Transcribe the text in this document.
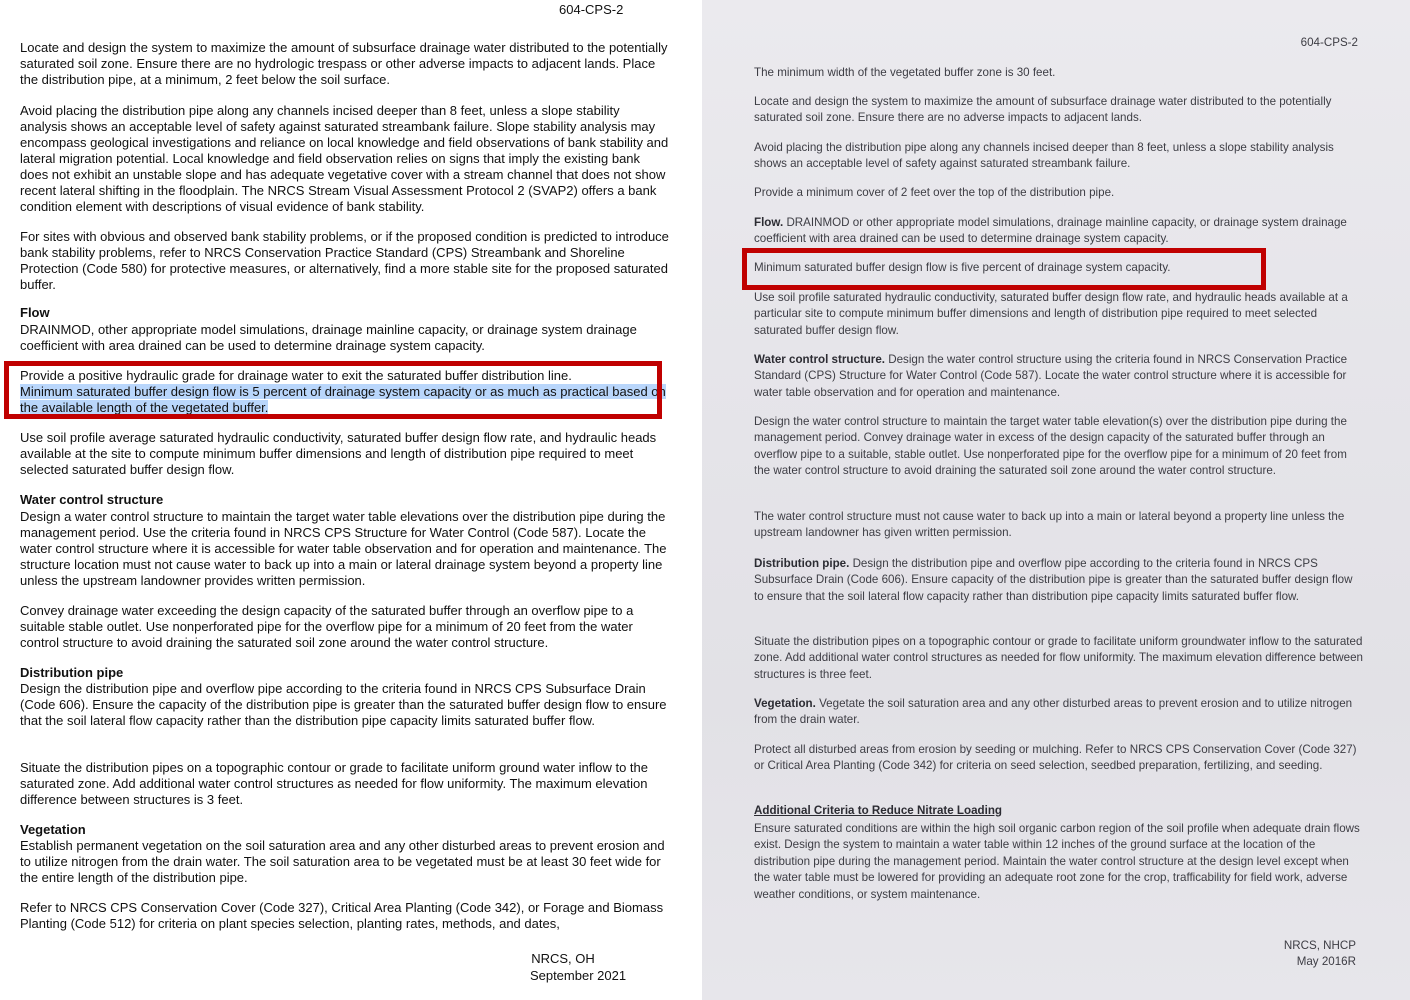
604-CPS-2

Locate and design the system to maximize the amount of subsurface drainage water distributed to the potentially saturated soil zone. Ensure there are no hydrologic trespass or other adverse impacts to adjacent lands. Place the distribution pipe, at a minimum, 2 feet below the soil surface.

Avoid placing the distribution pipe along any channels incised deeper than 8 feet, unless a slope stability analysis shows an acceptable level of safety against saturated streambank failure. Slope stability analysis may encompass geological investigations and reliance on local knowledge and field observations of bank stability and lateral migration potential. Local knowledge and field observation relies on signs that imply the existing bank does not exhibit an unstable slope and has adequate vegetative cover with a stream channel that does not show recent lateral shifting in the floodplain. The NRCS Stream Visual Assessment Protocol 2 (SVAP2) offers a bank condition element with descriptions of visual evidence of bank stability.

For sites with obvious and observed bank stability problems, or if the proposed condition is predicted to introduce bank stability problems, refer to NRCS Conservation Practice Standard (CPS) Streambank and Shoreline Protection (Code 580) for protective measures, or alternatively, find a more stable site for the proposed saturated buffer.

Flow

DRAINMOD, other appropriate model simulations, drainage mainline capacity, or drainage system drainage coefficient with area drained can be used to determine drainage system capacity.

Provide a positive hydraulic grade for drainage water to exit the saturated buffer distribution line.
Minimum saturated buffer design flow is 5 percent of drainage system capacity or as much as practical based on the available length of the vegetated buffer.

Use soil profile average saturated hydraulic conductivity, saturated buffer design flow rate, and hydraulic heads available at the site to compute minimum buffer dimensions and length of distribution pipe required to meet selected saturated buffer design flow.

Water control structure

Design a water control structure to maintain the target water table elevations over the distribution pipe during the management period. Use the criteria found in NRCS CPS Structure for Water Control (Code 587). Locate the water control structure where it is accessible for water table observation and for operation and maintenance. The structure location must not cause water to back up into a main or lateral drainage system beyond a property line unless the upstream landowner provides written permission.

Convey drainage water exceeding the design capacity of the saturated buffer through an overflow pipe to a suitable stable outlet. Use nonperforated pipe for the overflow pipe for a minimum of 20 feet from the water control structure to avoid draining the saturated soil zone around the water control structure.

Distribution pipe

Design the distribution pipe and overflow pipe according to the criteria found in NRCS CPS Subsurface Drain (Code 606). Ensure the capacity of the distribution pipe is greater than the saturated buffer design flow to ensure that the soil lateral flow capacity rather than the distribution pipe capacity limits saturated buffer flow.

Situate the distribution pipes on a topographic contour or grade to facilitate uniform ground water inflow to the saturated zone. Add additional water control structures as needed for flow uniformity. The maximum elevation difference between structures is 3 feet.

Vegetation

Establish permanent vegetation on the soil saturation area and any other disturbed areas to prevent erosion and to utilize nitrogen from the drain water. The soil saturation area to be vegetated must be at least 30 feet wide for the entire length of the distribution pipe.

Refer to NRCS CPS Conservation Cover (Code 327), Critical Area Planting (Code 342), or Forage and Biomass Planting (Code 512) for criteria on plant species selection, planting rates, methods, and dates,

NRCS, OH
September 2021
604-CPS-2

The minimum width of the vegetated buffer zone is 30 feet.

Locate and design the system to maximize the amount of subsurface drainage water distributed to the potentially saturated soil zone. Ensure there are no adverse impacts to adjacent lands.

Avoid placing the distribution pipe along any channels incised deeper than 8 feet, unless a slope stability analysis shows an acceptable level of safety against saturated streambank failure.

Provide a minimum cover of 2 feet over the top of the distribution pipe.

Flow. DRAINMOD or other appropriate model simulations, drainage mainline capacity, or drainage system drainage coefficient with area drained can be used to determine drainage system capacity.

Minimum saturated buffer design flow is five percent of drainage system capacity.

Use soil profile saturated hydraulic conductivity, saturated buffer design flow rate, and hydraulic heads available at a particular site to compute minimum buffer dimensions and length of distribution pipe required to meet selected saturated buffer design flow.

Water control structure. Design the water control structure using the criteria found in NRCS Conservation Practice Standard (CPS) Structure for Water Control (Code 587). Locate the water control structure where it is accessible for water table observation and for operation and maintenance.

Design the water control structure to maintain the target water table elevation(s) over the distribution pipe during the management period. Convey drainage water in excess of the design capacity of the saturated buffer through an overflow pipe to a suitable, stable outlet. Use nonperforated pipe for the overflow pipe for a minimum of 20 feet from the water control structure to avoid draining the saturated soil zone around the water control structure.

The water control structure must not cause water to back up into a main or lateral beyond a property line unless the upstream landowner has given written permission.

Distribution pipe. Design the distribution pipe and overflow pipe according to the criteria found in NRCS CPS Subsurface Drain (Code 606). Ensure capacity of the distribution pipe is greater than the saturated buffer design flow to ensure that the soil lateral flow capacity rather than distribution pipe capacity limits saturated buffer flow.

Situate the distribution pipes on a topographic contour or grade to facilitate uniform groundwater inflow to the saturated zone. Add additional water control structures as needed for flow uniformity. The maximum elevation difference between structures is three feet.

Vegetation. Vegetate the soil saturation area and any other disturbed areas to prevent erosion and to utilize nitrogen from the drain water.

Protect all disturbed areas from erosion by seeding or mulching. Refer to NRCS CPS Conservation Cover (Code 327) or Critical Area Planting (Code 342) for criteria on seed selection, seedbed preparation, fertilizing, and seeding.

Additional Criteria to Reduce Nitrate Loading

Ensure saturated conditions are within the high soil organic carbon region of the soil profile when adequate drain flows exist. Design the system to maintain a water table within 12 inches of the ground surface at the location of the distribution pipe during the management period. Maintain the water control structure at the design level except when the water table must be lowered for providing an adequate root zone for the crop, trafficability for field work, adverse weather conditions, or system maintenance.

NRCS, NHCP
May 2016R
